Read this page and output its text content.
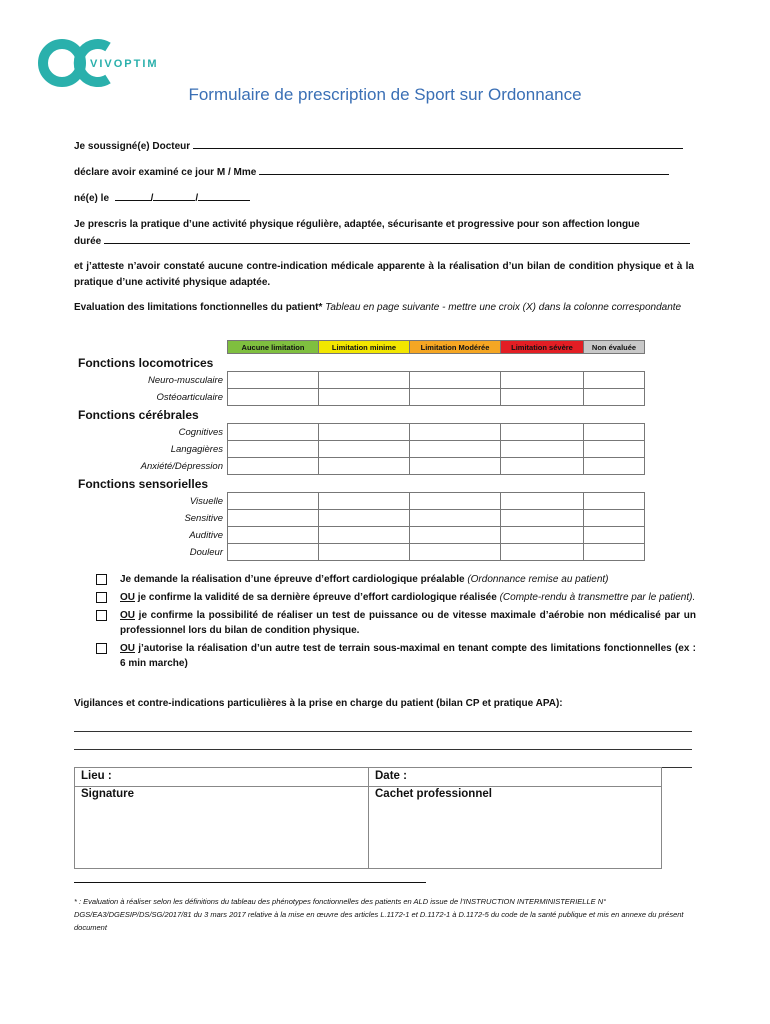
VIVOPTIM
Formulaire de prescription de Sport sur Ordonnance
Je soussigné(e) Docteur
déclare avoir examiné ce jour M / Mme
né(e) le	/	/
Je prescris la pratique d’une activité physique régulière, adaptée, sécurisante et progressive pour son affection longue
durée
et j’atteste n’avoir constaté aucune contre-indication médicale apparente à la réalisation d’un bilan de condition physique et à la pratique d’une activité physique adaptée.
Evaluation des limitations fonctionnelles du patient* Tableau en page suivante - mettre une croix (X) dans la colonne correspondante
	Aucune limitation	Limitation minime	Limitation Modérée	Limitation sévère	Non évaluée
Fonctions locomotrices					
Neuro-musculaire					
Ostéoarticulaire					
Fonctions cérébrales					
Cognitives					
Langagières					
Anxiété/Dépression					
Fonctions sensorielles					
Visuelle					
Sensitive					
Auditive					
Douleur					
Je demande la réalisation d’une épreuve d’effort cardiologique préalable (Ordonnance remise au patient)
OU je confirme la validité de sa dernière épreuve d’effort cardiologique réalisée (Compte-rendu à transmettre par le patient).
OU je confirme la possibilité de réaliser un test de puissance ou de vitesse maximale d’aérobie non médicalisé par un professionnel lors du bilan de condition physique.
OU j’autorise la réalisation d’un autre test de terrain sous-maximal en tenant compte des limitations fonctionnelles (ex : 6 min marche)
Vigilances et contre-indications particulières à la prise en charge du patient (bilan CP et pratique APA):
Lieu :	Date :
Signature	Cachet professionnel
* : Evaluation à réaliser selon les définitions du tableau des phénotypes fonctionnelles des patients en ALD issue de l’INSTRUCTION INTERMINISTERIELLE N° DGS/EA3/DGESIP/DS/SG/2017/81 du 3 mars 2017 relative à la mise en œuvre des articles L.1172-1 et D.1172-1 à D.1172-5 du code de la santé publique et mis en annexe du présent document
